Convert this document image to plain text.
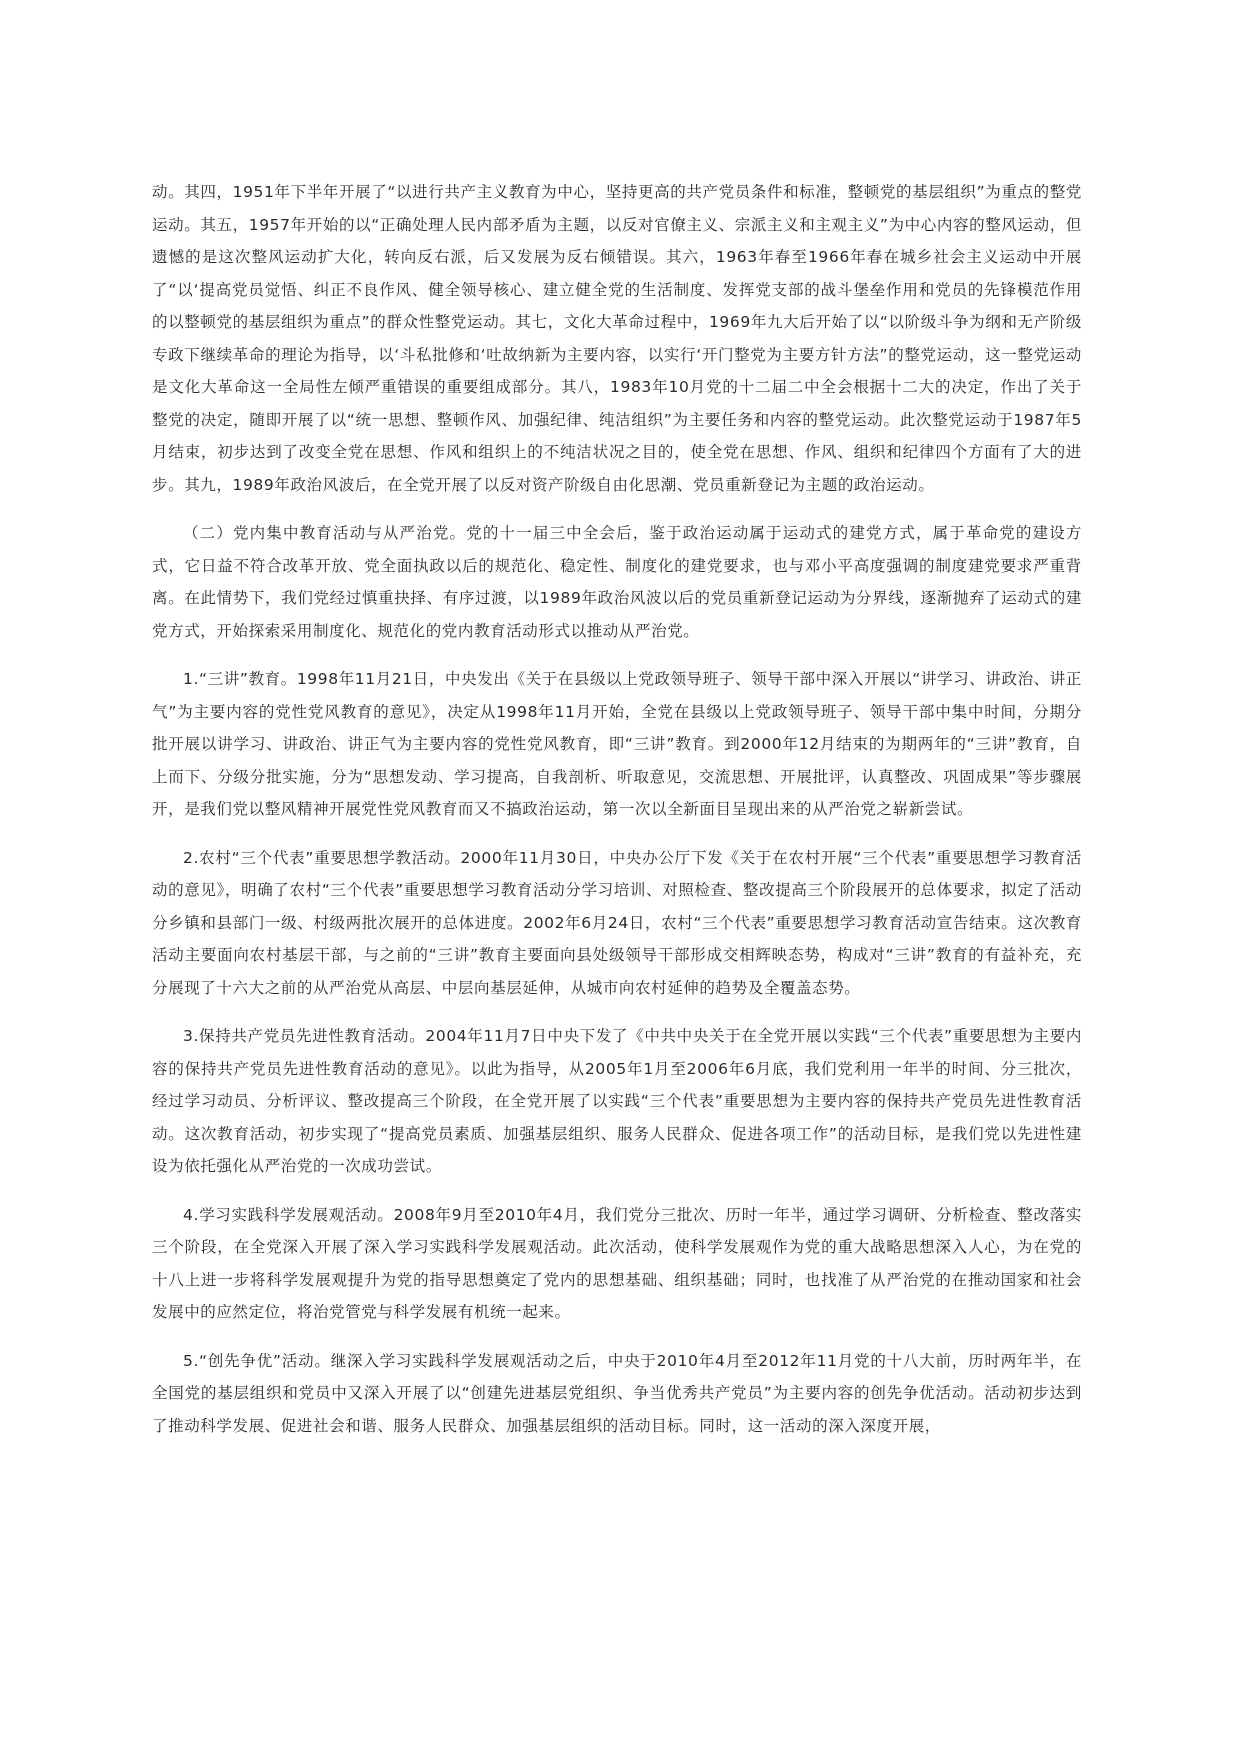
动。其四，1951年下半年开展了“以进行共产主义教育为中心，坚持更高的共产党员条件和标准，整顿党的基层组织”为重点的整党运动。其五，1957年开始的以“正确处理人民内部矛盾为主题，以反对官僚主义、宗派主义和主观主义”为中心内容的整风运动，但遗憾的是这次整风运动扩大化，转向反右派，后又发展为反右倾错误。其六，1963年春至1966年春在城乡社会主义运动中开展了“以‘提高党员觉悟、纠正不良作风、健全领导核心、建立健全党的生活制度、发挥党支部的战斗堡垒作用和党员的先锋模范作用的以整顿党的基层组织为重点”的群众性整党运动。其七，文化大革命过程中，1969年九大后开始了以“以阶级斗争为纲和无产阶级专政下继续革命的理论为指导，以‘斗私批修和‘吐故纳新为主要内容，以实行‘开门整党为主要方针方法”的整党运动，这一整党运动是文化大革命这一全局性左倾严重错误的重要组成部分。其八，1983年10月党的十二届二中全会根据十二大的决定，作出了关于整党的决定，随即开展了以“统一思想、整顿作风、加强纪律、纯洁组织”为主要任务和内容的整党运动。此次整党运动于1987年5月结束，初步达到了改变全党在思想、作风和组织上的不纯洁状况之目的，使全党在思想、作风、组织和纪律四个方面有了大的进步。其九，1989年政治风波后，在全党开展了以反对资产阶级自由化思潮、党员重新登记为主题的政治运动。

（二）党内集中教育活动与从严治党。党的十一届三中全会后，鉴于政治运动属于运动式的建党方式，属于革命党的建设方式，它日益不符合改革开放、党全面执政以后的规范化、稳定性、制度化的建党要求，也与邓小平高度强调的制度建党要求严重背离。在此情势下，我们党经过慎重抉择、有序过渡，以1989年政治风波以后的党员重新登记运动为分界线，逐渐抛弃了运动式的建党方式，开始探索采用制度化、规范化的党内教育活动形式以推动从严治党。

1.“三讲”教育。1998年11月21日，中央发出《关于在县级以上党政领导班子、领导干部中深入开展以“讲学习、讲政治、讲正气”为主要内容的党性党风教育的意见》，决定从1998年11月开始，全党在县级以上党政领导班子、领导干部中集中时间，分期分批开展以讲学习、讲政治、讲正气为主要内容的党性党风教育，即“三讲”教育。到2000年12月结束的为期两年的“三讲”教育，自上而下、分级分批实施，分为“思想发动、学习提高，自我剖析、听取意见，交流思想、开展批评，认真整改、巩固成果”等步骤展开，是我们党以整风精神开展党性党风教育而又不搞政治运动，第一次以全新面目呈现出来的从严治党之崭新尝试。

2.农村“三个代表”重要思想学教活动。2000年11月30日，中央办公厅下发《关于在农村开展“三个代表”重要思想学习教育活动的意见》，明确了农村“三个代表”重要思想学习教育活动分学习培训、对照检查、整改提高三个阶段展开的总体要求，拟定了活动分乡镇和县部门一级、村级两批次展开的总体进度。2002年6月24日，农村“三个代表”重要思想学习教育活动宣告结束。这次教育活动主要面向农村基层干部，与之前的“三讲”教育主要面向县处级领导干部形成交相辉映态势，构成对“三讲”教育的有益补充，充分展现了十六大之前的从严治党从高层、中层向基层延伸，从城市向农村延伸的趋势及全覆盖态势。

3.保持共产党员先进性教育活动。2004年11月7日中央下发了《中共中央关于在全党开展以实践“三个代表”重要思想为主要内容的保持共产党员先进性教育活动的意见》。以此为指导，从2005年1月至2006年6月底，我们党利用一年半的时间、分三批次，经过学习动员、分析评议、整改提高三个阶段，在全党开展了以实践“三个代表”重要思想为主要内容的保持共产党员先进性教育活动。这次教育活动，初步实现了“提高党员素质、加强基层组织、服务人民群众、促进各项工作”的活动目标，是我们党以先进性建设为依托强化从严治党的一次成功尝试。

4.学习实践科学发展观活动。2008年9月至2010年4月，我们党分三批次、历时一年半，通过学习调研、分析检查、整改落实三个阶段，在全党深入开展了深入学习实践科学发展观活动。此次活动，使科学发展观作为党的重大战略思想深入人心，为在党的十八上进一步将科学发展观提升为党的指导思想奠定了党内的思想基础、组织基础；同时，也找准了从严治党的在推动国家和社会发展中的应然定位，将治党管党与科学发展有机统一起来。

5.“创先争优”活动。继深入学习实践科学发展观活动之后，中央于2010年4月至2012年11月党的十八大前，历时两年半，在全国党的基层组织和党员中又深入开展了以“创建先进基层党组织、争当优秀共产党员”为主要内容的创先争优活动。活动初步达到了推动科学发展、促进社会和谐、服务人民群众、加强基层组织的活动目标。同时，这一活动的深入深度开展，
